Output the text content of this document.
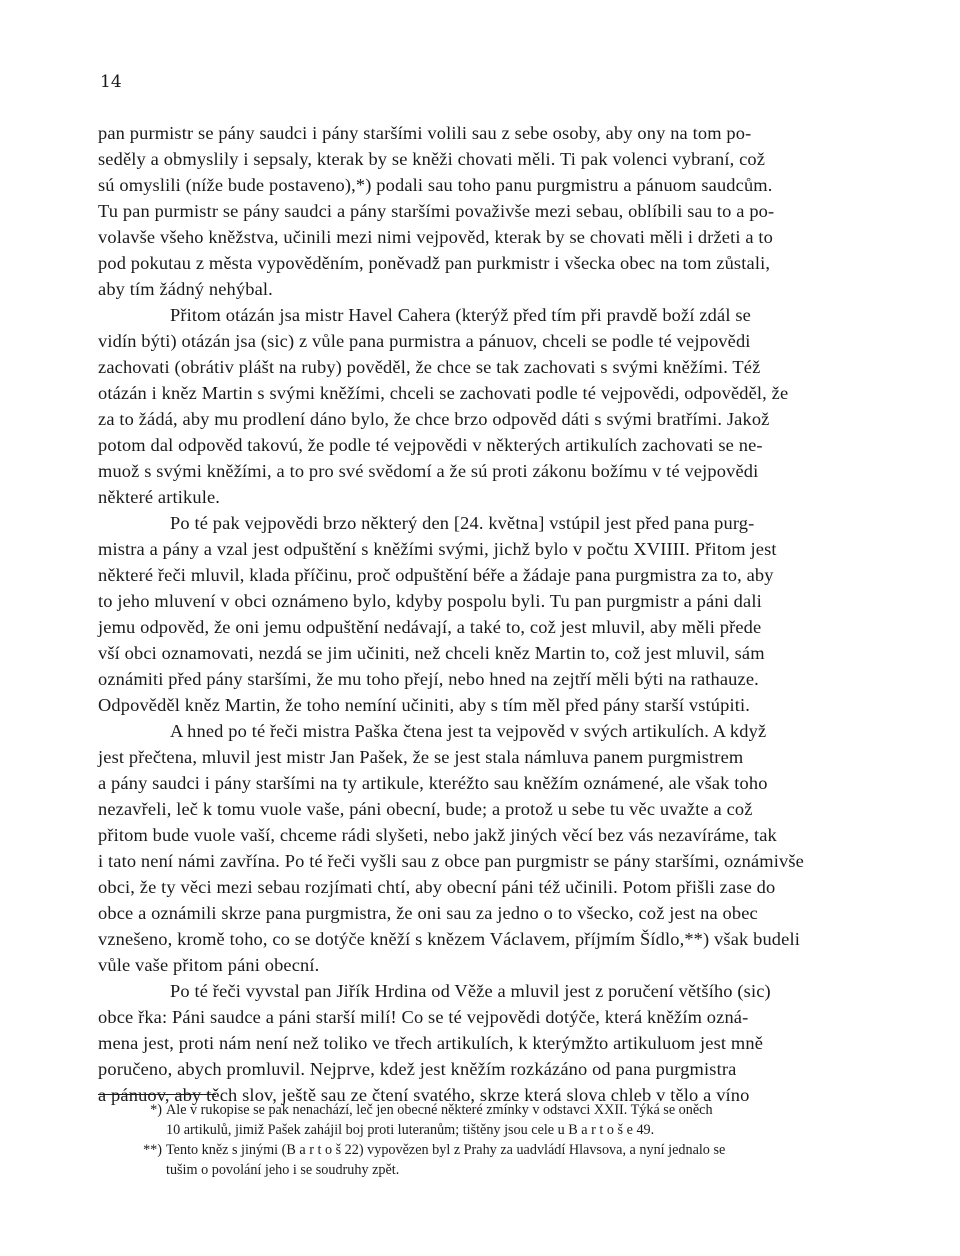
14

pan purmistr se pány saudci i pány staršími volili sau z sebe osoby, aby ony na tom po-
seděly a obmyslily i sepsaly, kterak by se kněži chovati měli. Ti pak volenci vybraní, což
sú omyslili (níže bude postaveno),*) podali sau toho panu purgmistru a pánuom saudcům.
Tu pan purmistr se pány saudci a pány staršími považivše mezi sebau, oblíbili sau to a po-
volavše všeho kněžstva, učinili mezi nimi vejpověd, kterak by se chovati měli i držeti a to
pod pokutau z města vypověděním, poněvadž pan purkmistr i všecka obec na tom zůstali,
aby tím žádný nehýbal.

Přitom otázán jsa mistr Havel Cahera (kterýž před tím při pravdě boží zdál se
vidín býti) otázán jsa (sic) z vůle pana purmistra a pánuov, chceli se podle té vejpovědi
zachovati (obrátiv plášt na ruby) pověděl, že chce se tak zachovati s svými kněžími. Též
otázán i kněz Martin s svými kněžími, chceli se zachovati podle té vejpovědi, odpověděl, že
za to žádá, aby mu prodlení dáno bylo, že chce brzo odpověd dáti s svými bratřími. Jakož
potom dal odpověd takovú, že podle té vejpovědi v některých artikulích zachovati se ne-
muož s svými kněžími, a to pro své svědomí a že sú proti zákonu božímu v té vejpovědi
některé artikule.

Po té pak vejpovědi brzo některý den [24. května] vstúpil jest před pana purg-
mistra a pány a vzal jest odpuštění s kněžími svými, jichž bylo v počtu XVIIII. Přitom jest
některé řeči mluvil, klada příčinu, proč odpuštění béře a žádaje pana purgmistra za to, aby
to jeho mluvení v obci oznámeno bylo, kdyby pospolu byli. Tu pan purgmistr a páni dali
jemu odpověd, že oni jemu odpuštění nedávají, a také to, což jest mluvil, aby měli přede
vší obci oznamovati, nezdá se jim učiniti, než chceli kněz Martin to, což jest mluvil, sám
oznámiti před pány staršími, že mu toho přejí, nebo hned na zejtří měli býti na rathauze.
Odpověděl kněz Martin, že toho nemíní učiniti, aby s tím měl před pány starší vstúpiti.

A hned po té řeči mistra Paška čtena jest ta vejpověd v svých artikulích. A když
jest přečtena, mluvil jest mistr Jan Pašek, že se jest stala námluva panem purgmistrem
a pány saudci i pány staršími na ty artikule, kteréžto sau kněžím oznámené, ale však toho
nezavřeli, leč k tomu vuole vaše, páni obecní, bude; a protož u sebe tu věc uvažte a což
přitom bude vuole vaší, chceme rádi slyšeti, nebo jakž jiných věcí bez vás nezavíráme, tak
i tato není námi zavřína. Po té řeči vyšli sau z obce pan purgmistr se pány staršími, oznámivše
obci, že ty věci mezi sebau rozjímati chtí, aby obecní páni též učinili. Potom přišli zase do
obce a oznámili skrze pana purgmistra, že oni sau za jedno o to všecko, což jest na obec
vznešeno, kromě toho, co se dotýče kněží s knězem Václavem, příjmím Šídlo,**) však budeli
vůle vaše přitom páni obecní.

Po té řeči vyvstal pan Jiřík Hrdina od Věže a mluvil jest z poručení většího (sic)
obce řka: Páni saudce a páni starší milí! Co se té vejpovědi dotýče, která kněžím ozná-
mena jest, proti nám není než toliko ve třech artikulích, k kterýmžto artikuluom jest mně
poručeno, abych promluvil. Nejprve, kdež jest kněžím rozkázáno od pana purgmistra
a pánuov, aby těch slov, ještě sau ze čtení svatého, skrze která slova chleb v tělo a víno

*) Ale v rukopise se pak nenachází, leč jen obecné některé zmínky v odstavci XXII. Týká se oněch
10 artikulů, jimiž Pašek zahájil boj proti luteranům; tištěny jsou cele u B a r t o š e 49.
**) Tento kněz s jinými (B a r t o š 22) vypovězen byl z Prahy za uadvládí Hlavsova, a nyní jednalo se
tušim o povolání jeho i se soudruhy zpět.
